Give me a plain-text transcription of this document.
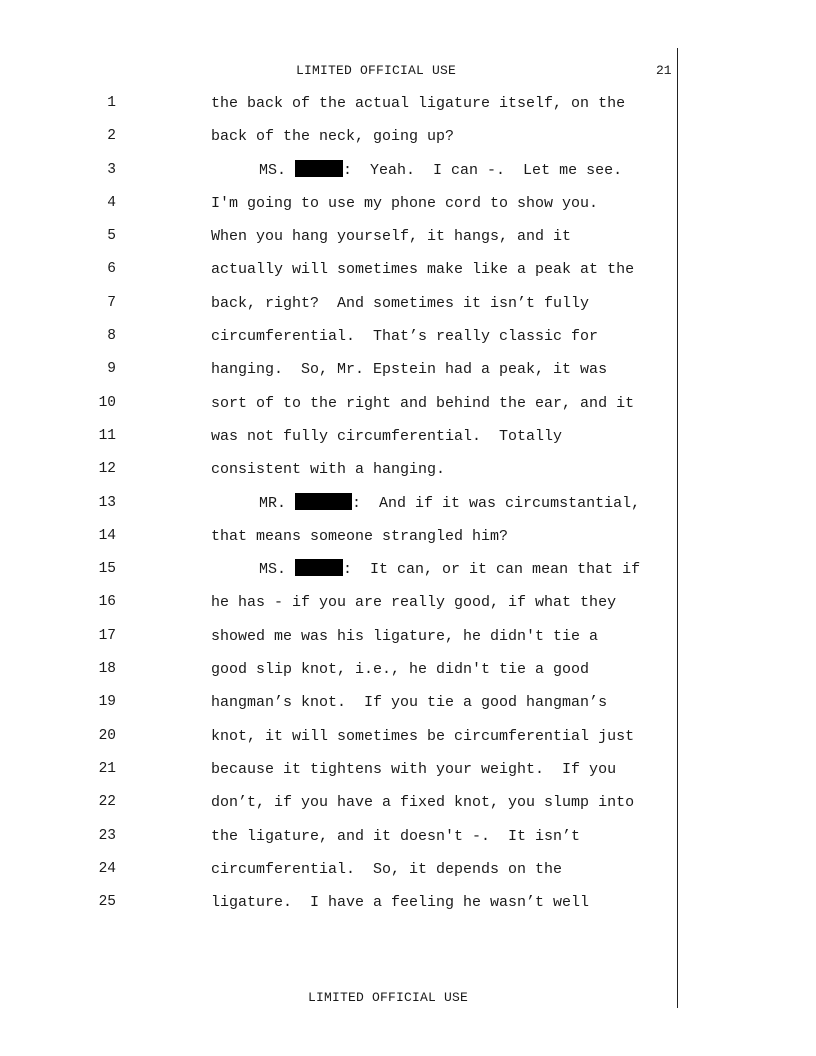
LIMITED OFFICIAL USE	21
1	the back of the actual ligature itself, on the
2	back of the neck, going up?
3	MS.	:  Yeah.  I can -.  Let me see.
4	I'm going to use my phone cord to show you.
5	When you hang yourself, it hangs, and it
6	actually will sometimes make like a peak at the
7	back, right?  And sometimes it isn’t fully
8	circumferential.  That’s really classic for
9	hanging.  So, Mr. Epstein had a peak, it was
10	sort of to the right and behind the ear, and it
11	was not fully circumferential.  Totally
12	consistent with a hanging.
13	MR.	:  And if it was circumstantial,
14	that means someone strangled him?
15	MS.	:  It can, or it can mean that if
16	he has - if you are really good, if what they
17	showed me was his ligature, he didn't tie a
18	good slip knot, i.e., he didn't tie a good
19	hangman’s knot.  If you tie a good hangman’s
20	knot, it will sometimes be circumferential just
21	because it tightens with your weight.  If you
22	don’t, if you have a fixed knot, you slump into
23	the ligature, and it doesn't -.  It isn’t
24	circumferential.  So, it depends on the
25	ligature.  I have a feeling he wasn’t well
LIMITED OFFICIAL USE
